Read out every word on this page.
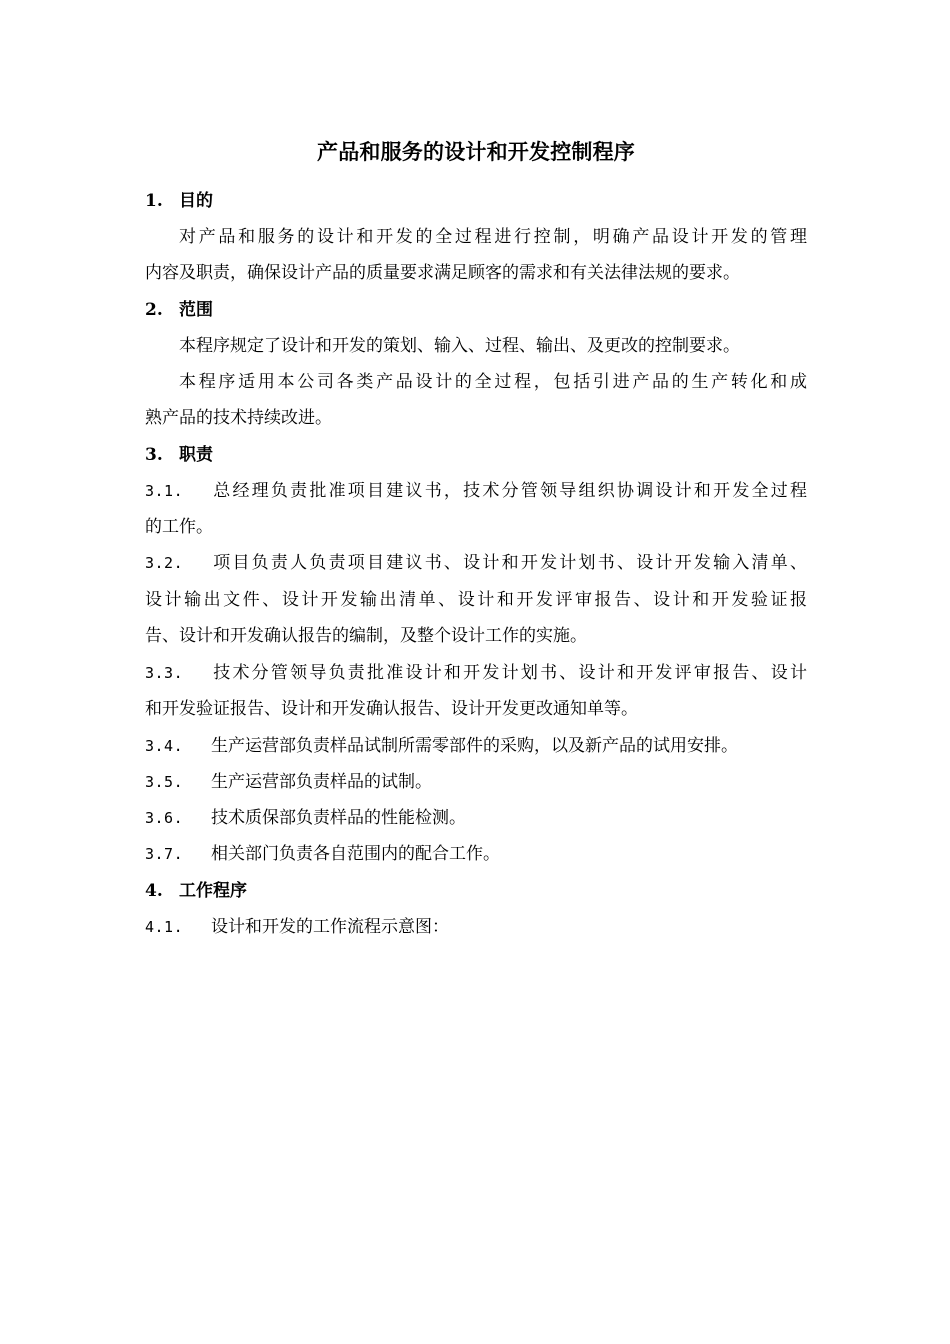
产品和服务的设计和开发控制程序
1. 目的
对产品和服务的设计和开发的全过程进行控制，明确产品设计开发的管理
内容及职责，确保设计产品的质量要求满足顾客的需求和有关法律法规的要求。
2. 范围
本程序规定了设计和开发的策划、输入、过程、输出、及更改的控制要求。
本程序适用本公司各类产品设计的全过程，包括引进产品的生产转化和成
熟产品的技术持续改进。
3. 职责
3.1. 总经理负责批准项目建议书，技术分管领导组织协调设计和开发全过程
的工作。
3.2. 项目负责人负责项目建议书、设计和开发计划书、设计开发输入清单、
设计输出文件、设计开发输出清单、设计和开发评审报告、设计和开发验证报
告、设计和开发确认报告的编制，及整个设计工作的实施。
3.3. 技术分管领导负责批准设计和开发计划书、设计和开发评审报告、设计
和开发验证报告、设计和开发确认报告、设计开发更改通知单等。
3.4. 生产运营部负责样品试制所需零部件的采购，以及新产品的试用安排。
3.5. 生产运营部负责样品的试制。
3.6. 技术质保部负责样品的性能检测。
3.7. 相关部门负责各自范围内的配合工作。
4. 工作程序
4.1. 设计和开发的工作流程示意图：
